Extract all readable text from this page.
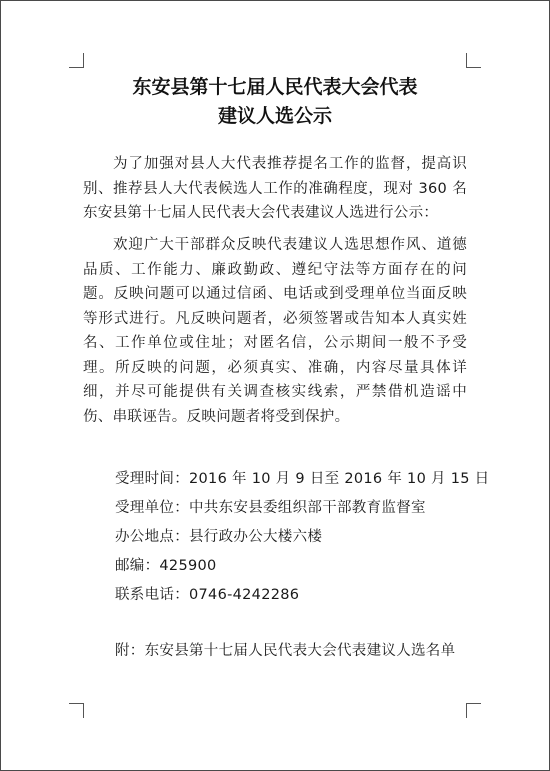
东安县第十七届人民代表大会代表
建议人选公示
为了加强对县人大代表推荐提名工作的监督，提高识别、推荐县人大代表候选人工作的准确程度，现对 360 名东安县第十七届人民代表大会代表建议人选进行公示：
欢迎广大干部群众反映代表建议人选思想作风、道德品质、工作能力、廉政勤政、遵纪守法等方面存在的问题。反映问题可以通过信函、电话或到受理单位当面反映等形式进行。凡反映问题者，必须签署或告知本人真实姓名、工作单位或住址；对匿名信，公示期间一般不予受理。所反映的问题，必须真实、准确，内容尽量具体详细，并尽可能提供有关调查核实线索，严禁借机造谣中伤、串联诬告。反映问题者将受到保护。
受理时间：2016 年 10 月 9 日至 2016 年 10 月 15 日
受理单位：中共东安县委组织部干部教育监督室
办公地点：县行政办公大楼六楼
邮编：425900
联系电话：0746-4242286
附：东安县第十七届人民代表大会代表建议人选名单
